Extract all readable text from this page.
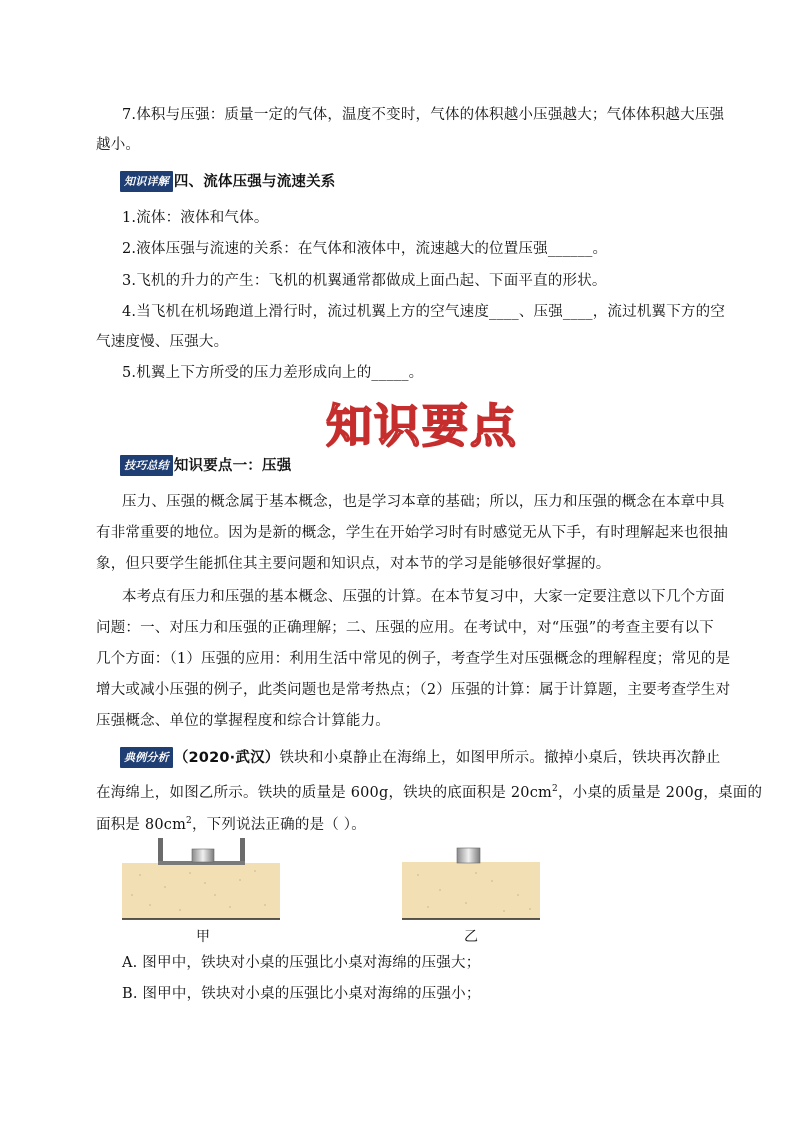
7.体积与压强：质量一定的气体，温度不变时，气体的体积越小压强越大；气体体积越大压强
越小。
知识详解 四、流体压强与流速关系
1.流体：液体和气体。
2.液体压强与流速的关系：在气体和液体中，流速越大的位置压强______。
3.飞机的升力的产生：飞机的机翼通常都做成上面凸起、下面平直的形状。
4.当飞机在机场跑道上滑行时，流过机翼上方的空气速度____、压强____，流过机翼下方的空
气速度慢、压强大。
5.机翼上下方所受的压力差形成向上的_____。
知识要点
技巧总结 知识要点一：压强
压力、压强的概念属于基本概念，也是学习本章的基础；所以，压力和压强的概念在本章中具
有非常重要的地位。因为是新的概念，学生在开始学习时有时感觉无从下手，有时理解起来也很抽
象，但只要学生能抓住其主要问题和知识点，对本节的学习是能够很好掌握的。
本考点有压力和压强的基本概念、压强的计算。在本节复习中，大家一定要注意以下几个方面
问题：一、对压力和压强的正确理解；二、压强的应用。在考试中，对“压强”的考查主要有以下
几个方面：（1）压强的应用：利用生活中常见的例子，考查学生对压强概念的理解程度；常见的是
增大或减小压强的例子，此类问题也是常考热点；（2）压强的计算：属于计算题，主要考查学生对
压强概念、单位的掌握程度和综合计算能力。
典例分析 （2020·武汉）铁块和小桌静止在海绵上，如图甲所示。撤掉小桌后，铁块再次静止
在海绵上，如图乙所示。铁块的质量是 600g，铁块的底面积是 $20cm^2$，小桌的质量是 200g，桌面的
面积是 $80cm^2$，下列说法正确的是（ ）。
甲	乙
A. 图甲中，铁块对小桌的压强比小桌对海绵的压强大；
B. 图甲中，铁块对小桌的压强比小桌对海绵的压强小；
